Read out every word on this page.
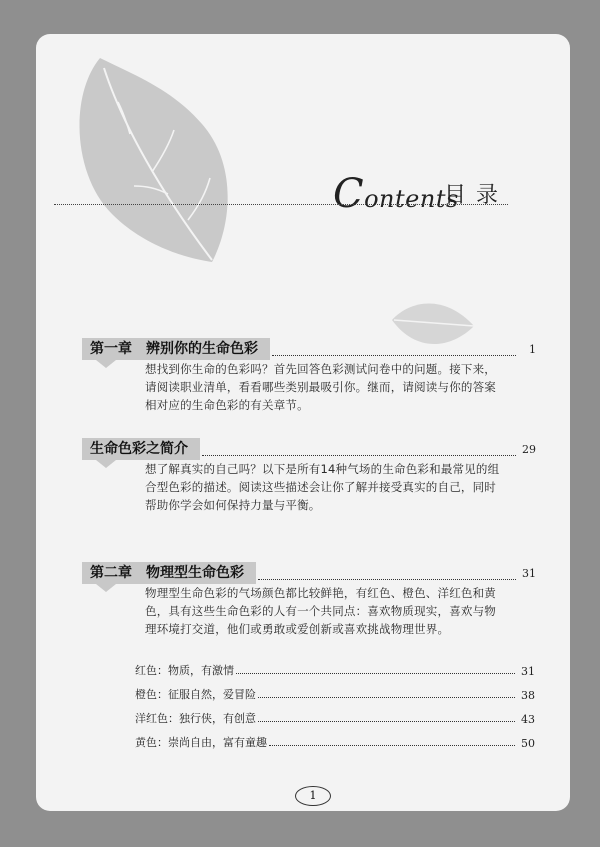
Contents
目录
第一章　辨别你的生命色彩	1
想找到你生命的色彩吗？首先回答色彩测试问卷中的问题。接下来，请阅读职业清单，看看哪些类别最吸引你。继而，请阅读与你的答案相对应的生命色彩的有关章节。
生命色彩之简介	29
想了解真实的自己吗？以下是所有14种气场的生命色彩和最常见的组合型色彩的描述。阅读这些描述会让你了解并接受真实的自己，同时帮助你学会如何保持力量与平衡。
第二章　物理型生命色彩	31
物理型生命色彩的气场颜色都比较鲜艳，有红色、橙色、洋红色和黄色，具有这些生命色彩的人有一个共同点：喜欢物质现实，喜欢与物理环境打交道，他们或勇敢或爱创新或喜欢挑战物理世界。
红色：物质，有激情	31
橙色：征服自然，爱冒险	38
洋红色：独行侠，有创意	43
黄色：崇尚自由，富有童趣	50
1
